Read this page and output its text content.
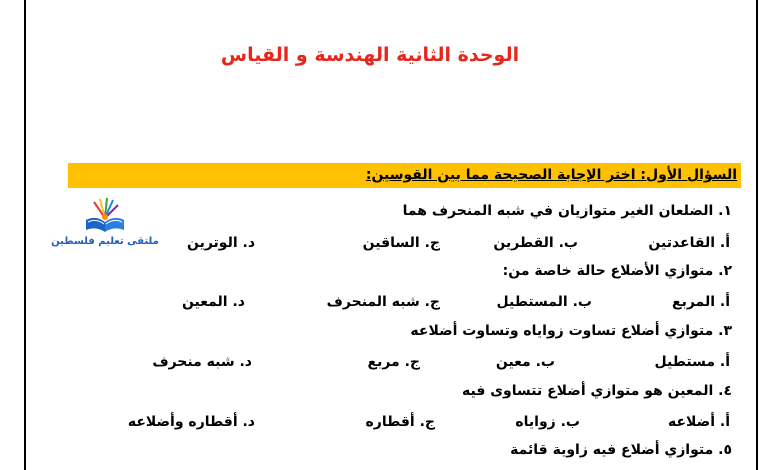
الوحدة الثانية الهندسة و القياس
السؤال الأول: اختر الإجابة الصحيحة مما بين القوسين:
ملتقى تعليم فلسطين
١. الضلعان الغير متوازيان في شبه المنحرف هما
أ. القاعدتين
ب. القطرين
ج. الساقين
د. الوترين
٢. متوازي الأضلاع حالة خاصة من:
أ. المربع
ب. المستطيل
ج. شبه المنحرف
د. المعين
٣. متوازي أضلاع تساوت زواياه وتساوت أضلاعه
أ. مستطيل
ب. معين
ج. مربع
د. شبه منحرف
٤. المعين هو متوازي أضلاع تتساوى فيه
أ. أضلاعه
ب. زواياه
ج. أقطاره
د. أقطاره وأضلاعه
٥. متوازي أضلاع فيه زاوية قائمة
